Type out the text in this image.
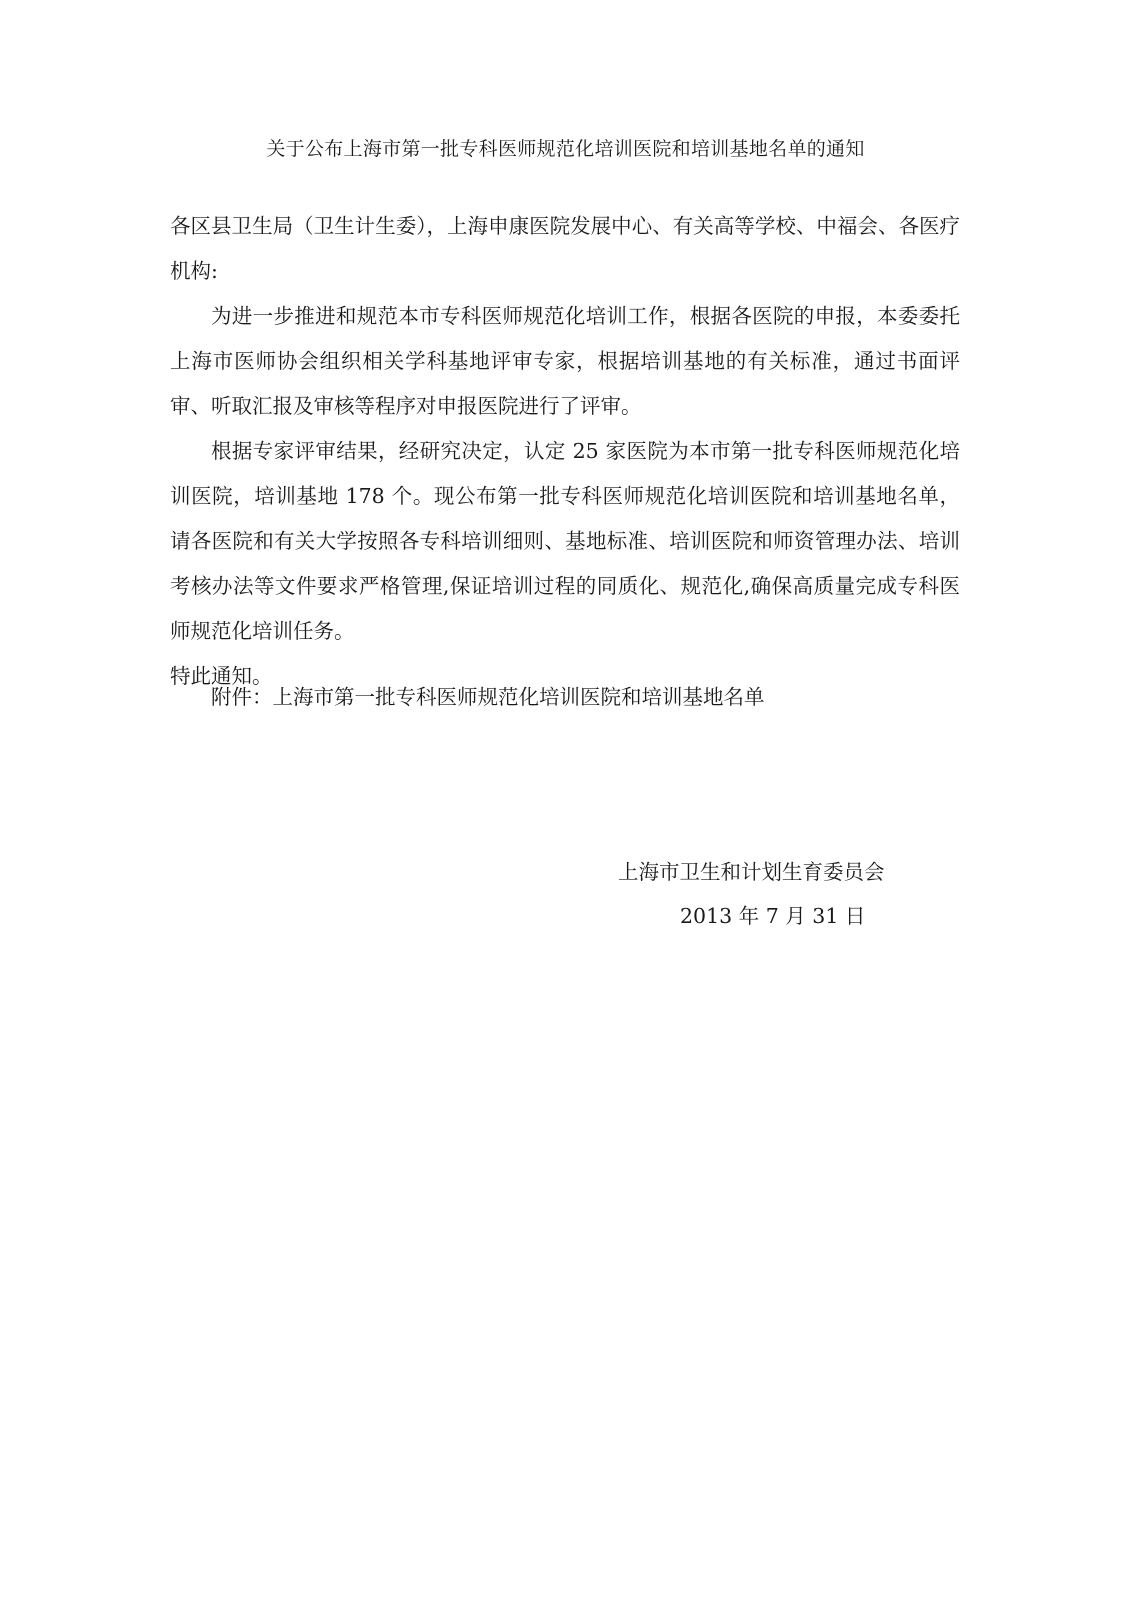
关于公布上海市第一批专科医师规范化培训医院和培训基地名单的通知

各区县卫生局（卫生计生委），上海申康医院发展中心、有关高等学校、中福会、各医疗机构:

为进一步推进和规范本市专科医师规范化培训工作，根据各医院的申报，本委委托上海市医师协会组织相关学科基地评审专家，根据培训基地的有关标准，通过书面评审、听取汇报及审核等程序对申报医院进行了评审。

根据专家评审结果，经研究决定，认定 25 家医院为本市第一批专科医师规范化培训医院，培训基地 178 个。现公布第一批专科医师规范化培训医院和培训基地名单，请各医院和有关大学按照各专科培训细则、基地标准、培训医院和师资管理办法、培训考核办法等文件要求严格管理,保证培训过程的同质化、规范化,确保高质量完成专科医师规范化培训任务。

特此通知。

附件：上海市第一批专科医师规范化培训医院和培训基地名单

上海市卫生和计划生育委员会

2013 年 7 月 31 日
